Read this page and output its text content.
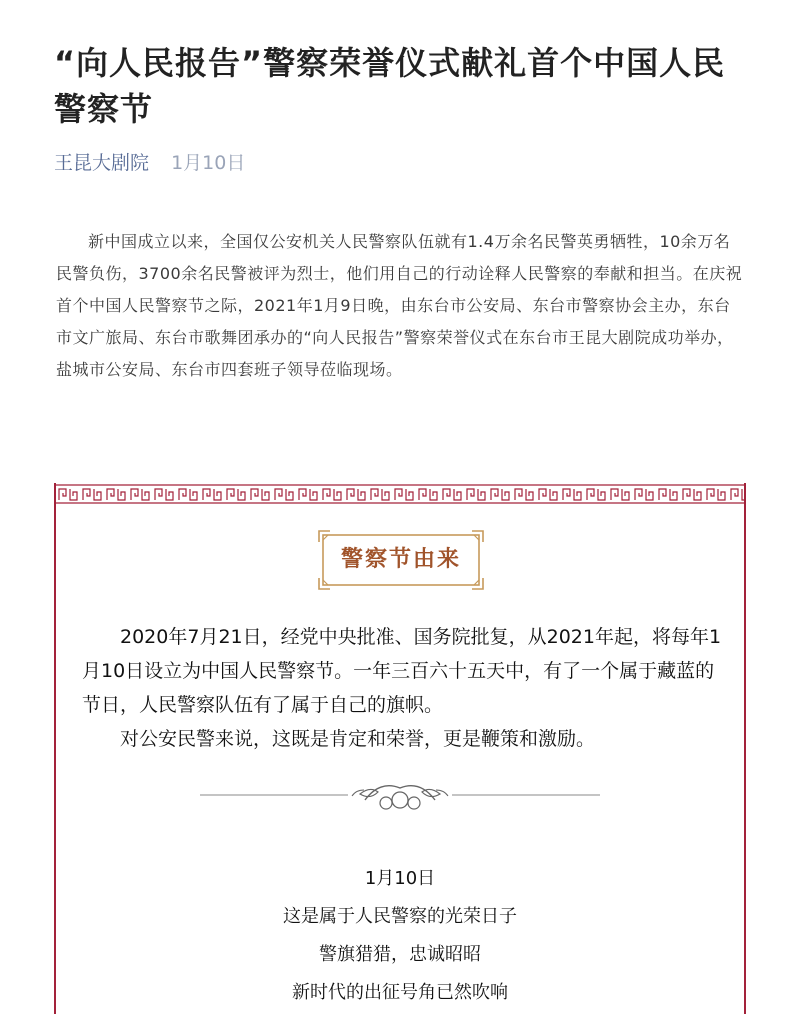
“向人民报告”警察荣誉仪式献礼首个中国人民警察节
王昆大剧院 1月10日

新中国成立以来，全国仅公安机关人民警察队伍就有1.4万余名民警英勇牺牲，10余万名民警负伤，3700余名民警被评为烈士，他们用自己的行动诠释人民警察的奉献和担当。在庆祝首个中国人民警察节之际，2021年1月9日晚，由东台市公安局、东台市警察协会主办，东台市文广旅局、东台市歌舞团承办的“向人民报告”警察荣誉仪式在东台市王昆大剧院成功举办，盐城市公安局、东台市四套班子领导莅临现场。

警察节由来

2020年7月21日，经党中央批准、国务院批复，从2021年起，将每年1月10日设立为中国人民警察节。一年三百六十五天中，有了一个属于藏蓝的节日，人民警察队伍有了属于自己的旗帜。

对公安民警来说，这既是肯定和荣誉，更是鞭策和激励。

1月10日
这是属于人民警察的光荣日子
警旗猎猎，忠诚昭昭
新时代的出征号角已然吹响
